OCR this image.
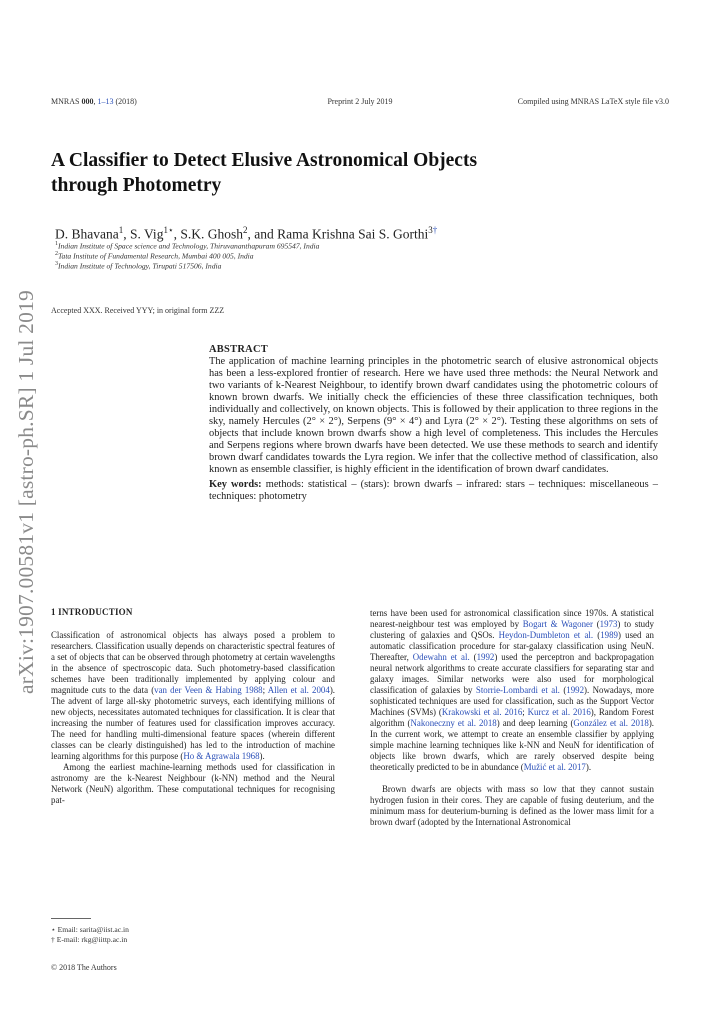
MNRAS 000, 1–13 (2018)	Preprint 2 July 2019	Compiled using MNRAS LaTeX style file v3.0
arXiv:1907.00581v1 [astro-ph.SR] 1 Jul 2019
A Classifier to Detect Elusive Astronomical Objects
through Photometry
D. Bhavana$^1$, S. Vig$^{1⋆}$, S.K. Ghosh$^2$, and Rama Krishna Sai S. Gorthi$^{3\dagger}$
$^1$Indian Institute of Space science and Technology, Thiruvananthapuram 695547, India
$^2$Tata Institute of Fundamental Research, Mumbai 400 005, India
$^3$Indian Institute of Technology, Tirupati 517506, India
Accepted XXX. Received YYY; in original form ZZZ
ABSTRACT

The application of machine learning principles in the photometric search of elusive astronomical objects has been a less-explored frontier of research. Here we have used three methods: the Neural Network and two variants of k-Nearest Neighbour, to identify brown dwarf candidates using the photometric colours of known brown dwarfs. We initially check the efficiencies of these three classification techniques, both individually and collectively, on known objects. This is followed by their application to three regions in the sky, namely Hercules (2° × 2°), Serpens (9° × 4°) and Lyra (2° × 2°). Testing these algorithms on sets of objects that include known brown dwarfs show a high level of completeness. This includes the Hercules and Serpens regions where brown dwarfs have been detected. We use these methods to search and identify brown dwarf candidates towards the Lyra region. We infer that the collective method of classification, also known as ensemble classifier, is highly efficient in the identification of brown dwarf candidates.

Key words: methods: statistical – (stars): brown dwarfs – infrared: stars – techniques: miscellaneous – techniques: photometry

1 INTRODUCTION

Classification of astronomical objects has always posed a problem to researchers. Classification usually depends on characteristic spectral features of a set of objects that can be observed through photometry at certain wavelengths in the absence of spectroscopic data. Such photometry-based classification schemes have been traditionally implemented by applying colour and magnitude cuts to the data (van der Veen & Habing 1988; Allen et al. 2004). The advent of large all-sky photometric surveys, each identifying millions of new objects, necessitates automated techniques for classification. It is clear that increasing the number of features used for classification improves accuracy. The need for handling multi-dimensional feature spaces (wherein different classes can be clearly distinguished) has led to the introduction of machine learning algorithms for this purpose (Ho & Agrawala 1968).

Among the earliest machine-learning methods used for classification in astronomy are the k-Nearest Neighbour (k-NN) method and the Neural Network (NeuN) algorithm. These computational techniques for recognising pat-

terns have been used for astronomical classification since 1970s. A statistical nearest-neighbour test was employed by Bogart & Wagoner (1973) to study clustering of galaxies and QSOs. Heydon-Dumbleton et al. (1989) used an automatic classification procedure for star-galaxy classification using NeuN. Thereafter, Odewahn et al. (1992) used the perceptron and backpropagation neural network algorithms to create accurate classifiers for separating star and galaxy images. Similar networks were also used for morphological classification of galaxies by Storrie-Lombardi et al. (1992). Nowadays, more sophisticated techniques are used for classification, such as the Support Vector Machines (SVMs) (Krakowski et al. 2016; Kurcz et al. 2016), Random Forest algorithm (Nakoneczny et al. 2018) and deep learning (González et al. 2018). In the current work, we attempt to create an ensemble classifier by applying simple machine learning techniques like k-NN and NeuN for identification of objects like brown dwarfs, which are rarely observed despite being theoretically predicted to be in abundance (Mužić et al. 2017).

Brown dwarfs are objects with mass so low that they cannot sustain hydrogen fusion in their cores. They are capable of fusing deuterium, and the minimum mass for deuterium-burning is defined as the lower mass limit for a brown dwarf (adopted by the International Astronomical

⋆ Email: sarita@iist.ac.in
† E-mail: rkg@iittp.ac.in
© 2018 The Authors
